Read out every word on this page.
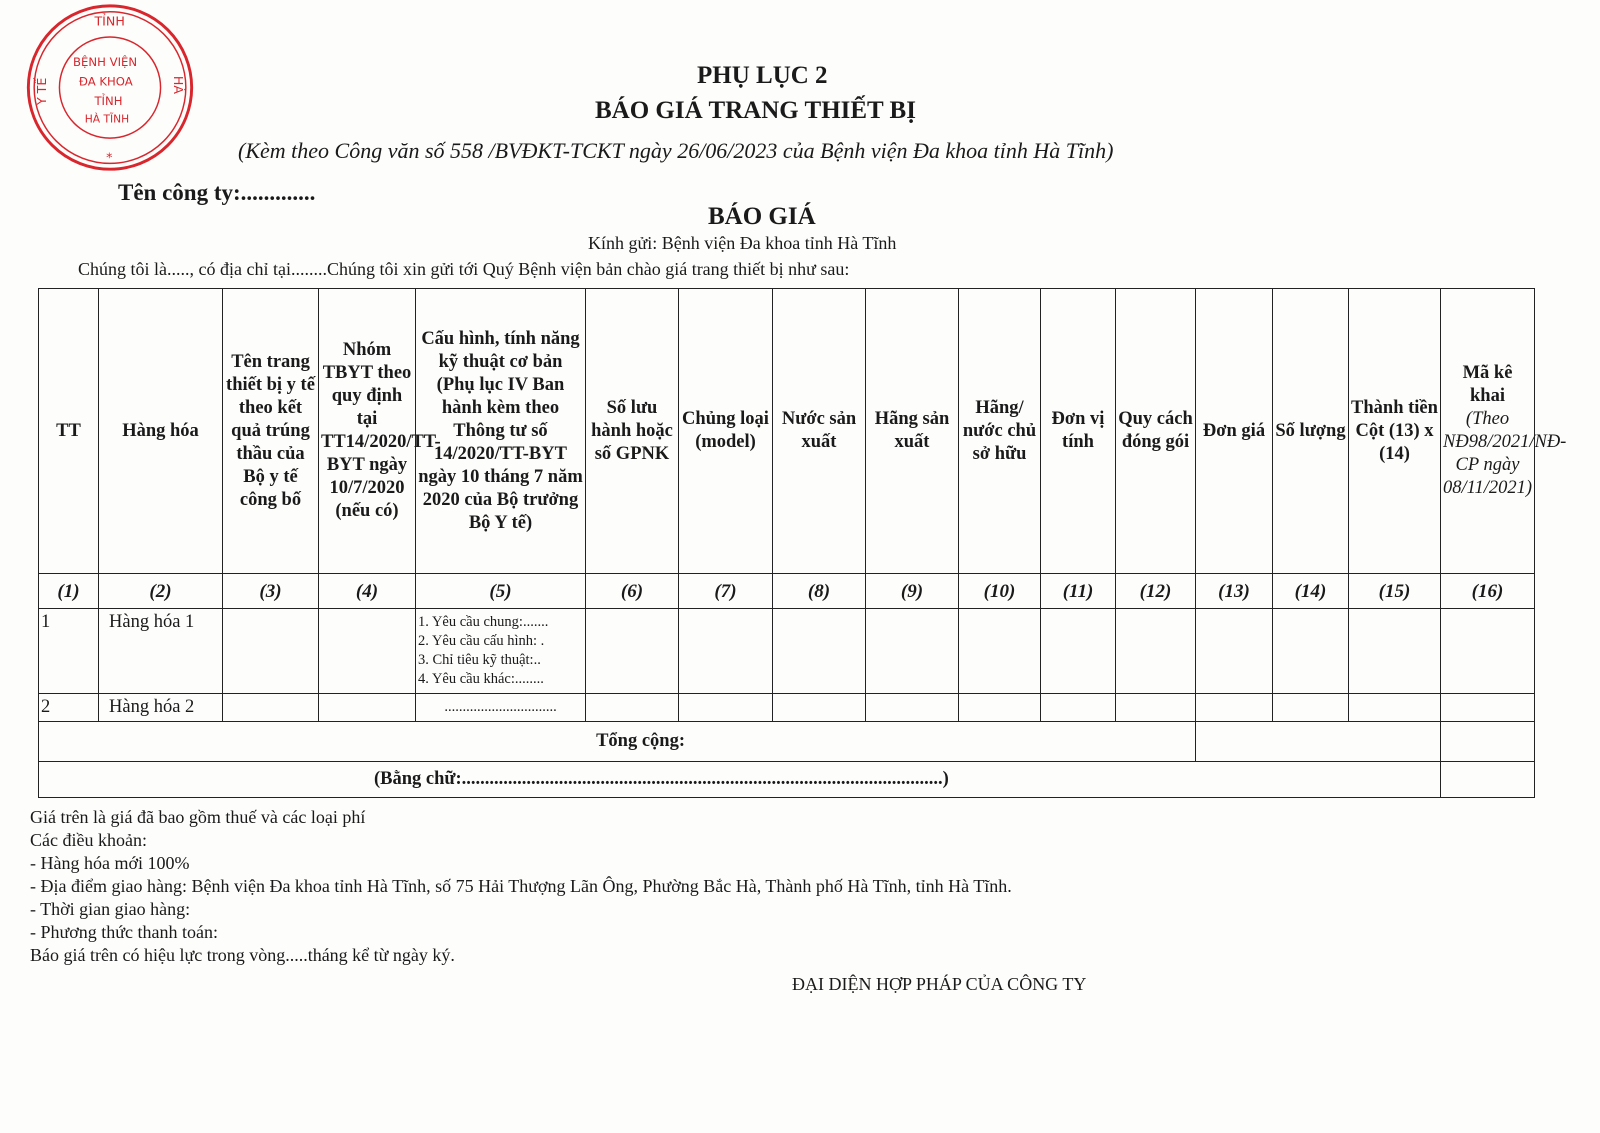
TỈNH
Y TẾ	HÀ
BỆNH VIỆN
ĐA KHOA
TỈNH
HÀ TĨNH
*
PHỤ LỤC 2
BÁO GIÁ TRANG THIẾT BỊ
(Kèm theo Công văn số 558 /BVĐKT-TCKT ngày 26/06/2023 của Bệnh viện Đa khoa tỉnh Hà Tĩnh)
Tên công ty:.............
BÁO GIÁ
Kính gửi: Bệnh viện Đa khoa tỉnh Hà Tĩnh
Chúng tôi là....., có địa chỉ tại........Chúng tôi xin gửi tới Quý Bệnh viện bản chào giá trang thiết bị như sau:
TT	Hàng hóa	Tên trang thiết bị y tế theo kết quả trúng thầu của Bộ y tế công bố	Nhóm TBYT theo quy định tại TT14/2020/TT-BYT ngày 10/7/2020 (nếu có)	Cấu hình, tính năng kỹ thuật cơ bản (Phụ lục IV Ban hành kèm theo Thông tư số 14/2020/TT-BYT ngày 10 tháng 7 năm 2020 của Bộ trưởng Bộ Y tế)	Số lưu hành hoặc số GPNK	Chủng loại (model)	Nước sản xuất	Hãng sản xuất	Hãng/ nước chủ sở hữu	Đơn vị tính	Quy cách đóng gói	Đơn giá	Số lượng	Thành tiền Cột (13) x (14)	Mã kê khai
(Theo NĐ98/2021/NĐ-CP ngày 08/11/2021)
(1)	(2)	(3)	(4)	(5)	(6)	(7)	(8)	(9)	(10)	(11)	(12)	(13)	(14)	(15)	(16)
1	Hàng hóa 1			1. Yêu cầu chung:.......
2. Yêu cầu cấu hình: .
3. Chỉ tiêu kỹ thuật:..
4. Yêu cầu khác:........											

2	Hàng hóa 2			...............................											
Tổng cộng:															
(Bằng chữ:........................................................................................................)															
Giá trên là giá đã bao gồm thuế và các loại phí
Các điều khoản:
- Hàng hóa mới 100%
- Địa điểm giao hàng: Bệnh viện Đa khoa tỉnh Hà Tĩnh, số 75 Hải Thượng Lãn Ông, Phường Bắc Hà, Thành phố Hà Tĩnh, tỉnh Hà Tĩnh.
- Thời gian giao hàng:
- Phương thức thanh toán:
Báo giá trên có hiệu lực trong vòng.....tháng kể từ ngày ký.
ĐẠI DIỆN HỢP PHÁP CỦA CÔNG TY
